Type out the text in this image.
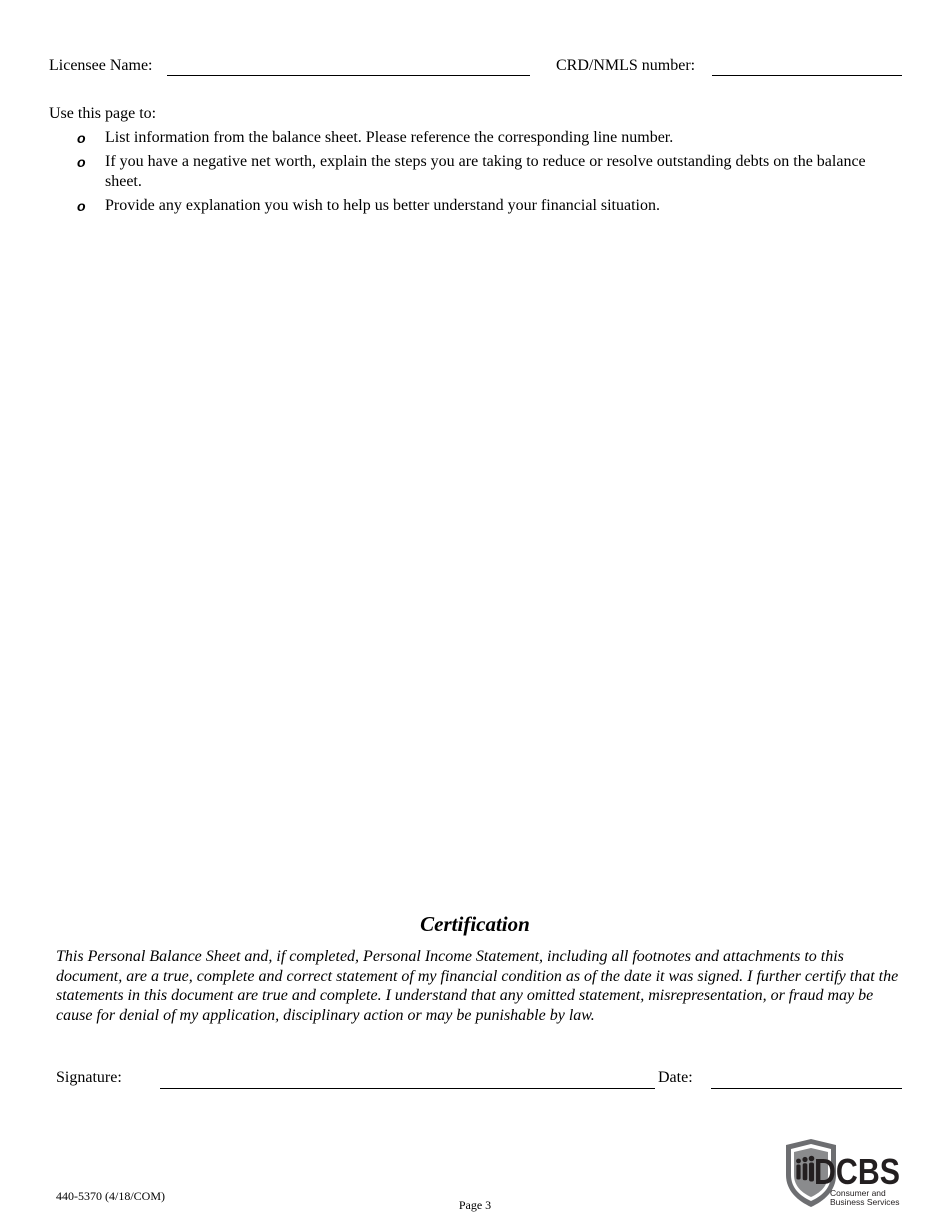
Licensee Name:	CRD/NMLS number:
Use this page to:
o List information from the balance sheet. Please reference the corresponding line number.
o If you have a negative net worth, explain the steps you are taking to reduce or resolve outstanding debts on the balance sheet.
o Provide any explanation you wish to help us better understand your financial situation.
Certification
This Personal Balance Sheet and, if completed, Personal Income Statement, including all footnotes and attachments to this document, are a true, complete and correct statement of my financial condition as of the date it was signed. I further certify that the statements in this document are true and complete. I understand that any omitted statement, misrepresentation, or fraud may be cause for denial of my application, disciplinary action or may be punishable by law.
Signature:	Date:
440-5370 (4/18/COM)
Page 3
DCBS
Consumer and
Business Services
